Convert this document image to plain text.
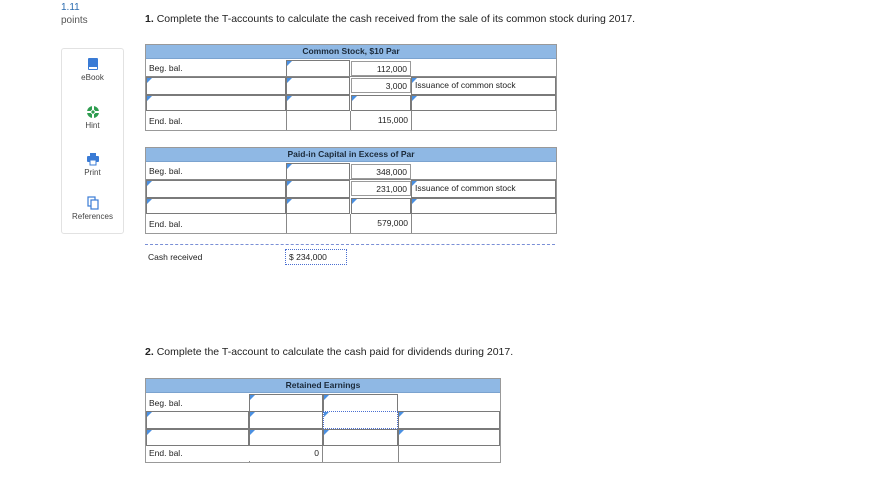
1.11
points
eBook
Hint
Print
References
1. Complete the T-accounts to calculate the cash received from the sale of its common stock during 2017.
Common Stock, $10 Par
Beg. bal.	112,000
3,000 Issuance of common stock
End. bal.	115,000
Paid-in Capital in Excess of Par
Beg. bal.	348,000
231,000 Issuance of common stock
End. bal.	579,000
Cash received	$ 234,000
2. Complete the T-account to calculate the cash paid for dividends during 2017.
Retained Earnings
Beg. bal.
End. bal.	0
